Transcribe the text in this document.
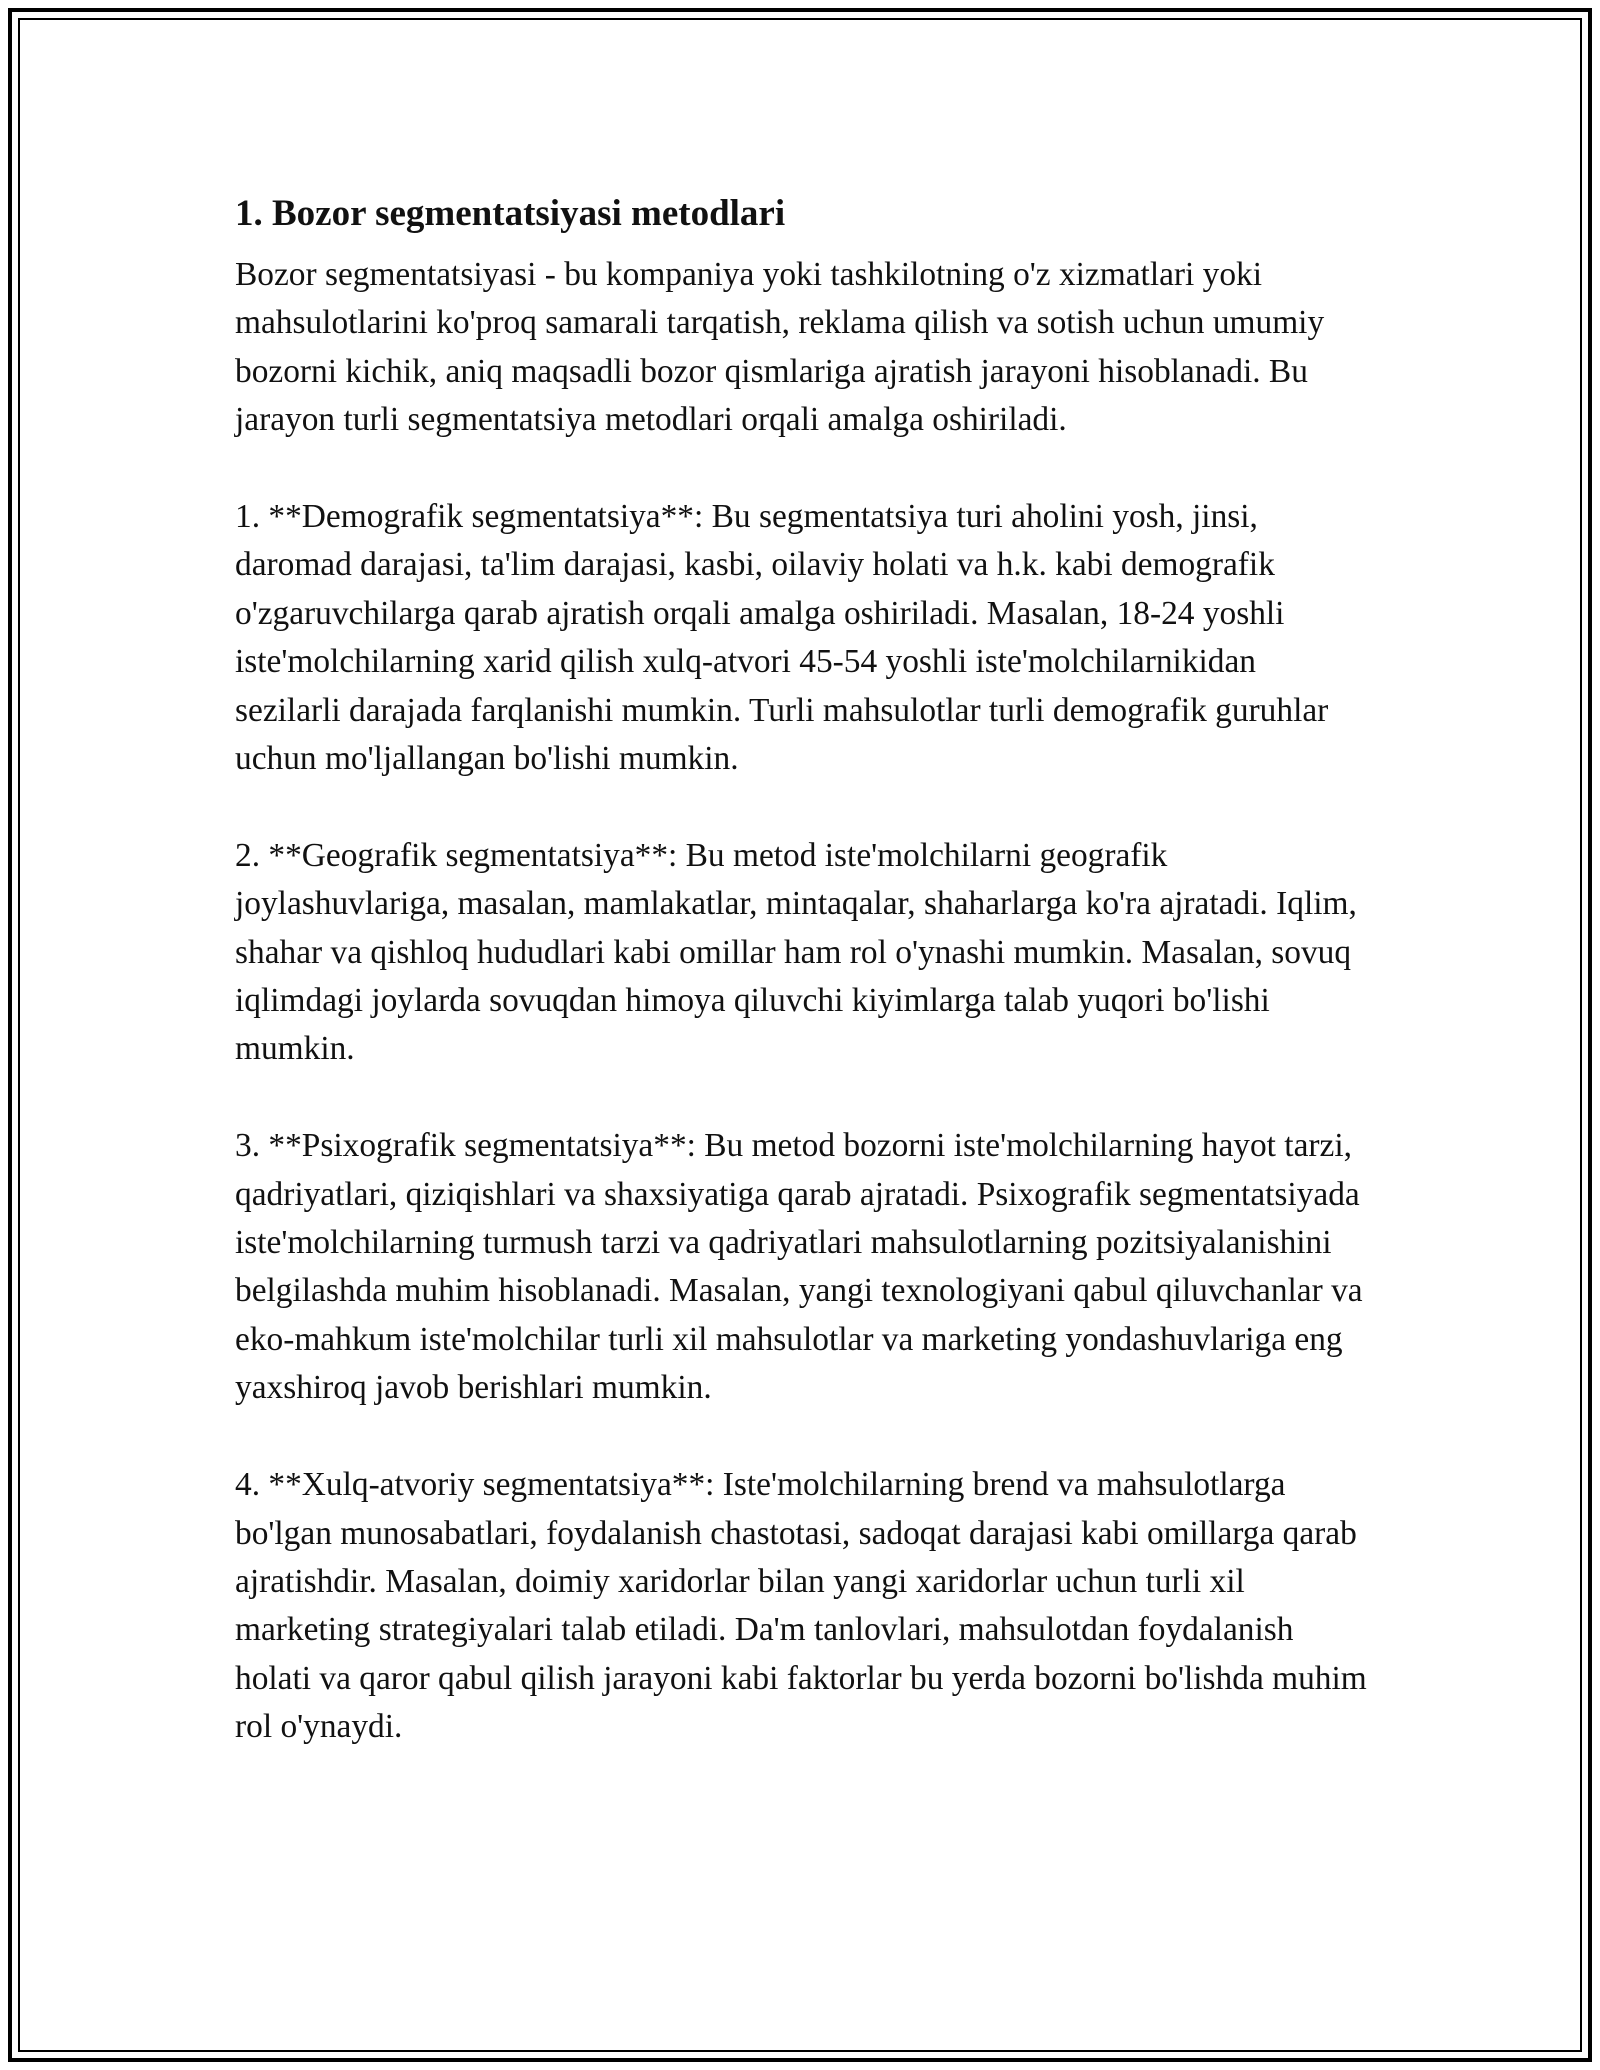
1. Bozor segmentatsiyasi metodlari

Bozor segmentatsiyasi - bu kompaniya yoki tashkilotning o'z xizmatlari yoki mahsulotlarini ko'proq samarali tarqatish, reklama qilish va sotish uchun umumiy bozorni kichik, aniq maqsadli bozor qismlariga ajratish jarayoni hisoblanadi. Bu jarayon turli segmentatsiya metodlari orqali amalga oshiriladi.

1. **Demografik segmentatsiya**: Bu segmentatsiya turi aholini yosh, jinsi, daromad darajasi, ta'lim darajasi, kasbi, oilaviy holati va h.k. kabi demografik o'zgaruvchilarga qarab ajratish orqali amalga oshiriladi. Masalan, 18-24 yoshli iste'molchilarning xarid qilish xulq-atvori 45-54 yoshli iste'molchilarnikidan sezilarli darajada farqlanishi mumkin. Turli mahsulotlar turli demografik guruhlar uchun mo'ljallangan bo'lishi mumkin.

2. **Geografik segmentatsiya**: Bu metod iste'molchilarni geografik joylashuvlariga, masalan, mamlakatlar, mintaqalar, shaharlarga ko'ra ajratadi. Iqlim, shahar va qishloq hududlari kabi omillar ham rol o'ynashi mumkin. Masalan, sovuq iqlimdagi joylarda sovuqdan himoya qiluvchi kiyimlarga talab yuqori bo'lishi mumkin.

3. **Psixografik segmentatsiya**: Bu metod bozorni iste'molchilarning hayot tarzi, qadriyatlari, qiziqishlari va shaxsiyatiga qarab ajratadi. Psixografik segmentatsiyada iste'molchilarning turmush tarzi va qadriyatlari mahsulotlarning pozitsiyalanishini belgilashda muhim hisoblanadi. Masalan, yangi texnologiyani qabul qiluvchanlar va eko-mahkum iste'molchilar turli xil mahsulotlar va marketing yondashuvlariga eng yaxshiroq javob berishlari mumkin.

4. **Xulq-atvoriy segmentatsiya**: Iste'molchilarning brend va mahsulotlarga bo'lgan munosabatlari, foydalanish chastotasi, sadoqat darajasi kabi omillarga qarab ajratishdir. Masalan, doimiy xaridorlar bilan yangi xaridorlar uchun turli xil marketing strategiyalari talab etiladi. Da'm tanlovlari, mahsulotdan foydalanish holati va qaror qabul qilish jarayoni kabi faktorlar bu yerda bozorni bo'lishda muhim rol o'ynaydi.
